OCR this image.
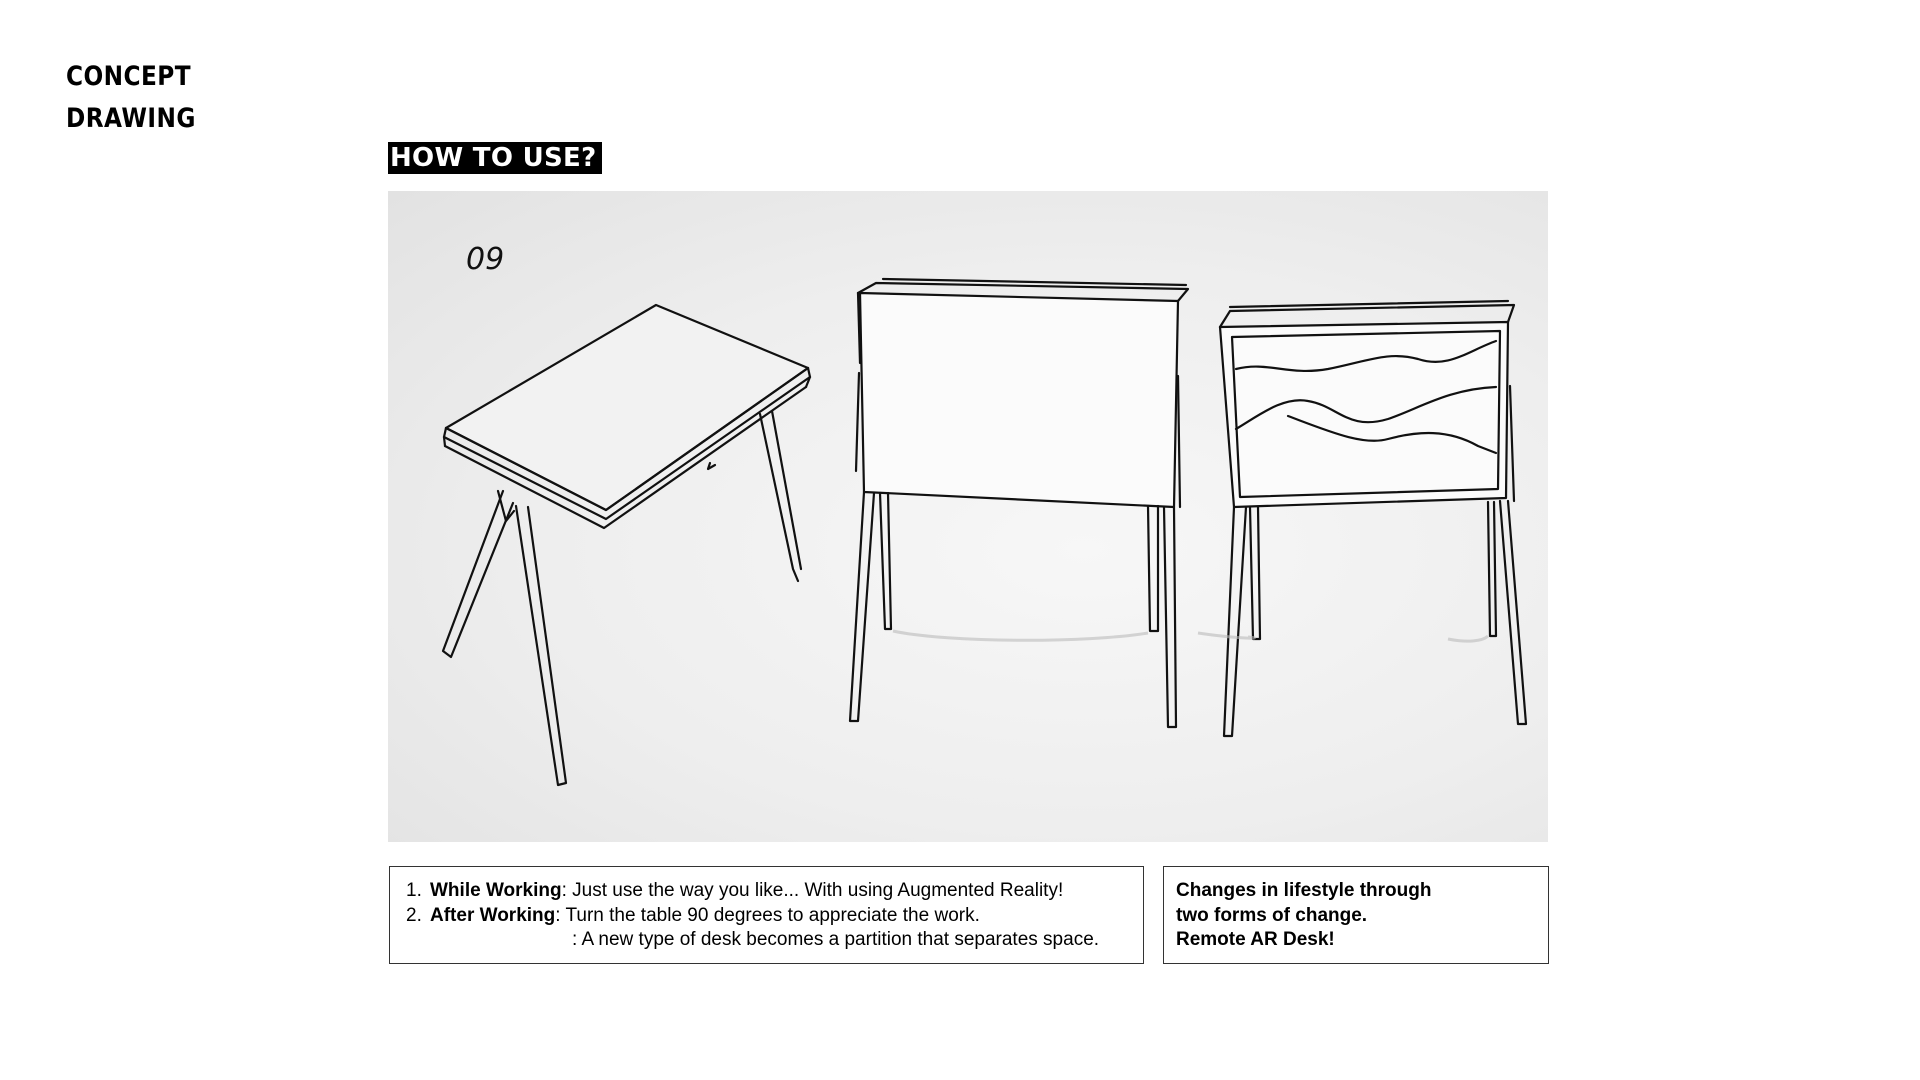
CONCEPT
DRAWING
HOW TO USE?
09
1. While Working : Just use the way you like... With using Augmented Reality!
2. After Working : Turn the table 90 degrees to appreciate the work.
: A new type of desk becomes a partition that separates space.
Changes in lifestyle through
two forms of change.
Remote AR Desk!
